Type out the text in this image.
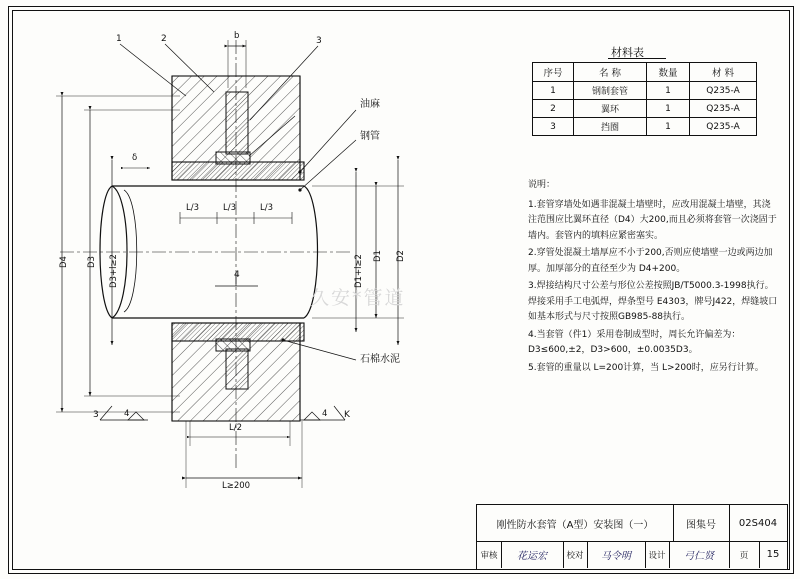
1	2	3
3
4
K
油麻
钢管
石棉水泥
b
δ
D4 D3 D3+l≥2	D1 D2
D1+l≥2
L/3	L/3	L/3
L/2
L≥200
4	4
久安*管道
材料表
序号	名 称	数量	材 料
1	钢制套管	1	Q235-A
2	翼环	1	Q235-A
3	挡圈	1	Q235-A

说明：

1.套管穿墙处如遇非混凝土墙壁时，应改用混凝土墙壁，其浇注范围应比翼环直径（D4）大200,而且必须将套管一次浇固于墙内。套管内的填料应紧密塞实。

2.穿管处混凝土墙厚应不小于200,否则应使墙壁一边或两边加厚。加厚部分的直径至少为 D4+200。

3.焊接结构尺寸公差与形位公差按照JB/T5000.3-1998执行。焊接采用手工电弧焊，焊条型号 E4303，牌号J422，焊缝坡口如基本形式与尺寸按照GB985-88执行。

4.当套管（件1）采用卷制成型时，周长允许偏差为：D3≤600,±2，D3>600，±0.0035D3。

5.套管的重量以 L=200计算，当 L>200时，应另行计算。

刚性防水套管（A型）安装图（一）	图集号	02S404
审核	花运宏	校对	马令明	设计	弓仁贤	页	15
